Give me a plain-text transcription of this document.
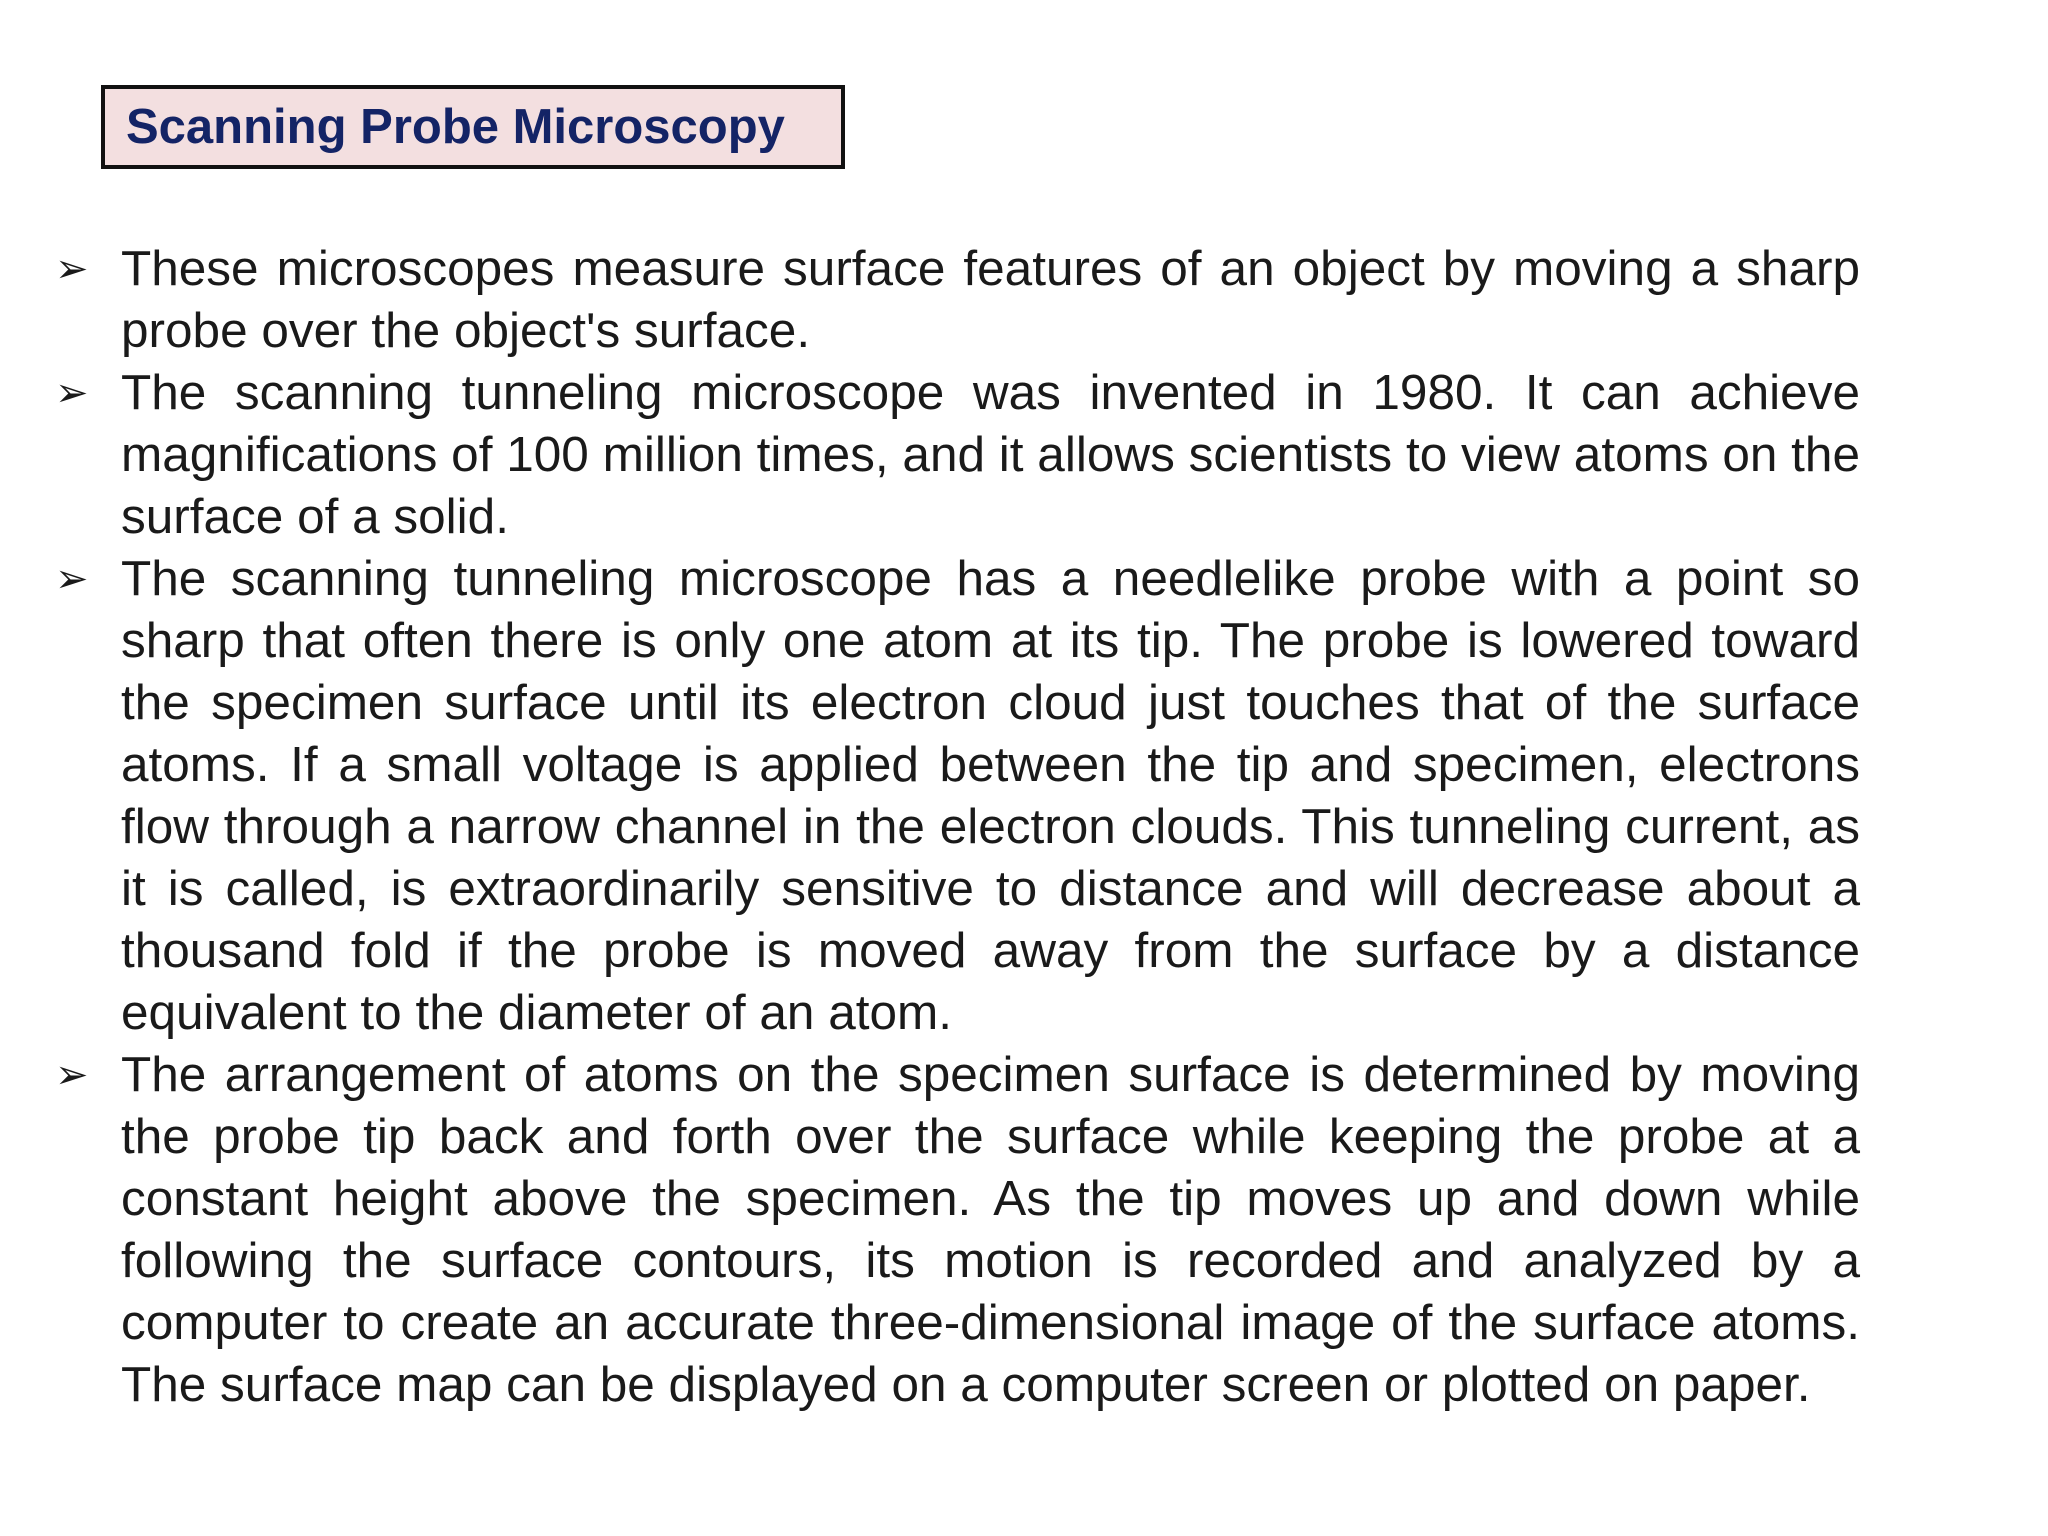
Scanning Probe Microscopy
➢ These microscopes measure surface features of an object by moving a sharp probe over the object's surface.
➢ The scanning tunneling microscope was invented in 1980. It can achieve magnifications of 100 million times, and it allows scientists to view atoms on the surface of a solid.
➢ The scanning tunneling microscope has a needlelike probe with a point so sharp that often there is only one atom at its tip. The probe is lowered toward the specimen surface until its electron cloud just touches that of the surface atoms. If a small voltage is applied between the tip and specimen, electrons flow through a narrow channel in the electron clouds. This tunneling current, as it is called, is extraordinarily sensitive to distance and will decrease about a thousand fold if the probe is moved away from the surface by a distance equivalent to the diameter of an atom.
➢ The arrangement of atoms on the specimen surface is determined by moving the probe tip back and forth over the surface while keeping the probe at a constant height above the specimen. As the tip moves up and down while following the surface contours, its motion is recorded and analyzed by a computer to create an accurate three-dimensional image of the surface atoms. The surface map can be displayed on a computer screen or plotted on paper.
